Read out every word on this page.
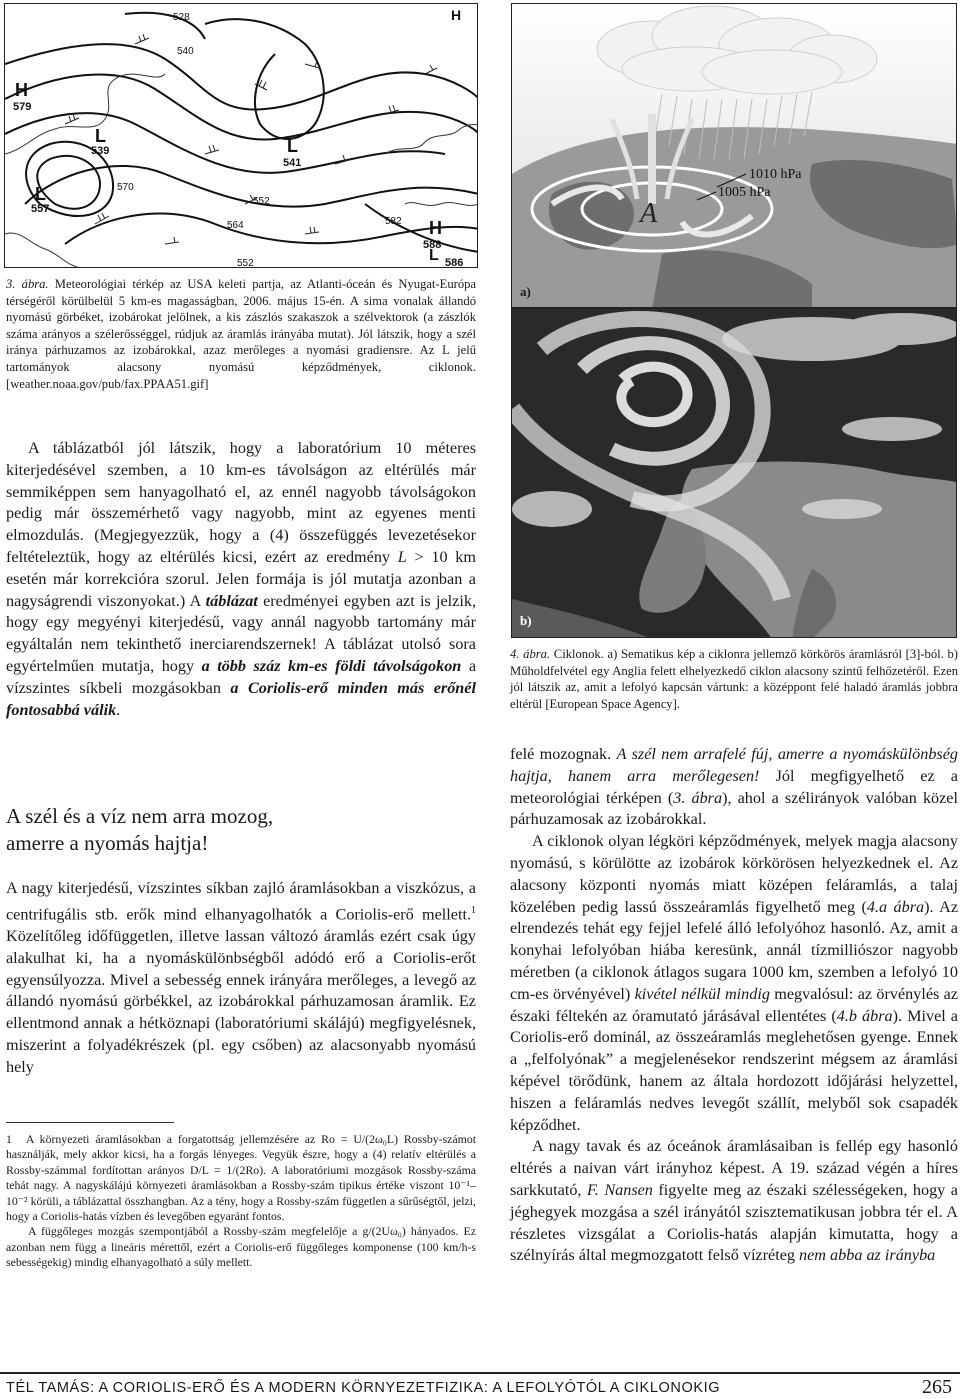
528
540
552
564
570
552
582
H
579
L
539
L
557
L
541
H
588
L 586
H
3. ábra. Meteorológiai térkép az USA keleti partja, az Atlanti-óceán és Nyugat-Európa térségéről körülbelül 5 km-es magasságban, 2006. május 15-én. A sima vonalak állandó nyomású görbéket, izobárokat jelölnek, a kis zászlós szakaszok a szélvektorok (a zászlók száma arányos a szélerősséggel, rúdjuk az áramlás irányába mutat). Jól látszik, hogy a szél iránya párhuzamos az izobárokkal, azaz merőleges a nyomási gradiensre. Az L jelű tartományok alacsony nyomású képződmények, ciklonok. [weather.noaa.gov/pub/fax.PPAA51.gif]
A
1010 hPa
1005 hPa
a)
b)
4. ábra. Ciklonok. a) Sematikus kép a ciklonra jellemző körkörös áramlásról [3]-ból. b) Műholdfelvétel egy Anglia felett elhelyezkedő ciklon alacsony szintű felhőzetéről. Ezen jól látszik az, amit a lefolyó kapcsán vártunk: a középpont felé haladó áramlás jobbra eltérül [European Space Agency].

A táblázatból jól látszik, hogy a laboratórium 10 méteres kiterjedésével szemben, a 10 km-es távolságon az eltérülés már semmiképpen sem hanyagolható el, az ennél nagyobb távolságokon pedig már összemérhető vagy nagyobb, mint az egyenes menti elmozdulás. (Megjegyezzük, hogy a (4) összefüggés levezetésekor feltételeztük, hogy az eltérülés kicsi, ezért az eredmény L > 10 km esetén már korrekcióra szorul. Jelen formája is jól mutatja azonban a nagyságrendi viszonyokat.) A táblázat eredményei egyben azt is jelzik, hogy egy megyényi kiterjedésű, vagy annál nagyobb tartomány már egyáltalán nem tekinthető inerciarendszernek! A táblázat utolsó sora egyértelműen mutatja, hogy a több száz km-es földi távolságokon a vízszintes síkbeli mozgásokban a Coriolis-erő minden más erőnél fontosabbá válik.

A szél és a víz nem arra mozog,
amerre a nyomás hajtja!

A nagy kiterjedésű, vízszintes síkban zajló áramlásokban a viszkózus, a centrifugális stb. erők mind elhanyagolhatók a Coriolis-erő mellett.$^1$ Közelítőleg időfüggetlen, illetve lassan változó áramlás ezért csak úgy alakulhat ki, ha a nyomáskülönbségből adódó erő a Coriolis-erőt egyensúlyozza. Mivel a sebesség ennek irányára merőleges, a levegő az állandó nyomású görbékkel, az izobárokkal párhuzamosan áramlik. Ez ellentmond annak a hétköznapi (laboratóriumi skálájú) megfigyelésnek, miszerint a folyadékrészek (pl. egy csőben) az alacsonyabb nyomású hely

1 A környezeti áramlásokban a forgatottság jellemzésére az Ro = U/(2ω₀L) Rossby-számot használják, mely akkor kicsi, ha a forgás lényeges. Vegyük észre, hogy a (4) relatív eltérülés a Rossby-számmal fordítottan arányos D/L = 1/(2Ro). A laboratóriumi mozgások Rossby-száma tehát nagy. A nagyskálájú környezeti áramlásokban a Rossby-szám tipikus értéke viszont 10⁻¹–10⁻² körüli, a táblázattal összhangban. Az a tény, hogy a Rossby-szám független a sűrűségtől, jelzi, hogy a Coriolis-hatás vízben és levegőben egyaránt fontos.

A függőleges mozgás szempontjából a Rossby-szám megfelelője a g/(2Uω₀) hányados. Ez azonban nem függ a lineáris mérettől, ezért a Coriolis-erő függőleges komponense (100 km/h-s sebességekig) mindig elhanyagolható a súly mellett.

felé mozognak. A szél nem arrafelé fúj, amerre a nyomáskülönbség hajtja, hanem arra merőlegesen! Jól megfigyelhető ez a meteorológiai térképen (3. ábra), ahol a szélirányok valóban közel párhuzamosak az izobárokkal.

A ciklonok olyan légköri képződmények, melyek magja alacsony nyomású, s körülötte az izobárok körkörösen helyezkednek el. Az alacsony központi nyomás miatt középen feláramlás, a talaj közelében pedig lassú összeáramlás figyelhető meg (4.a ábra). Az elrendezés tehát egy fejjel lefelé álló lefolyóhoz hasonló. Az, amit a konyhai lefolyóban hiába keresünk, annál tízmilliószor nagyobb méretben (a ciklonok átlagos sugara 1000 km, szemben a lefolyó 10 cm-es örvényével) kivétel nélkül mindig megvalósul: az örvénylés az északi féltekén az óramutató járásával ellentétes (4.b ábra). Mivel a Coriolis-erő dominál, az összeáramlás meglehetősen gyenge. Ennek a „felfolyónak” a megjelenésekor rendszerint mégsem az áramlási képével törődünk, hanem az általa hordozott időjárási helyzettel, hiszen a feláramlás nedves levegőt szállít, melyből sok csapadék képződhet.

A nagy tavak és az óceánok áramlásaiban is fellép egy hasonló eltérés a naivan várt irányhoz képest. A 19. század végén a híres sarkkutató, F. Nansen figyelte meg az északi szélességeken, hogy a jéghegyek mozgása a szél irányától szisztematikusan jobbra tér el. A részletes vizsgálat a Coriolis-hatás alapján kimutatta, hogy a szélnyírás által megmozgatott felső vízréteg nem abba az irányba

TÉL TAMÁS: A CORIOLIS-ERŐ ÉS A MODERN KÖRNYEZETFIZIKA: A LEFOLYÓTÓL A CIKLONOKIG	265
